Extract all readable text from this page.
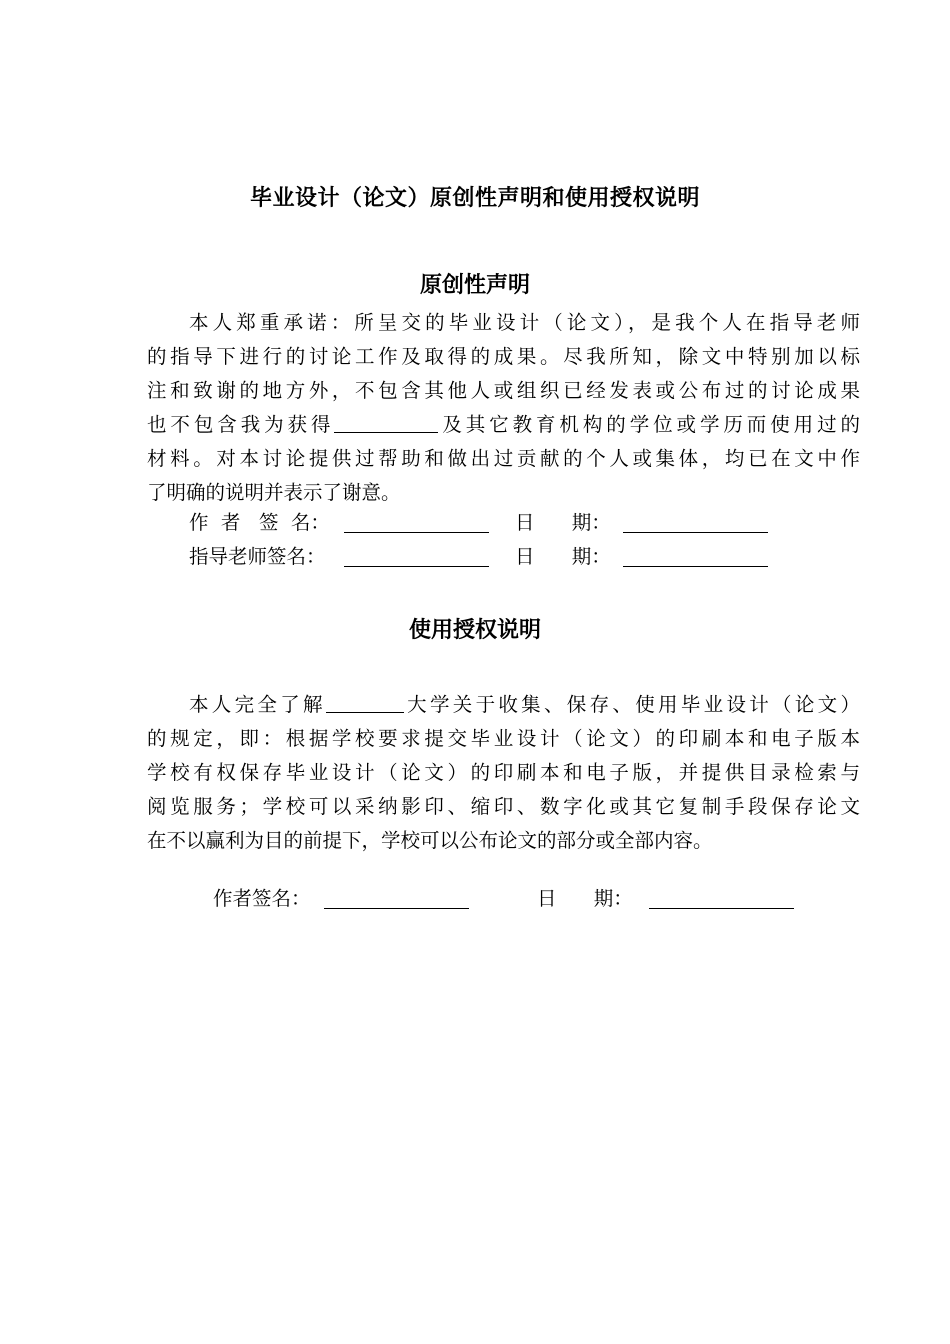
毕业设计（论文）原创性声明和使用授权说明
原创性声明
本人郑重承诺：所呈交的毕业设计（论文），是我个人在指导老师
的指导下进行的讨论工作及取得的成果。尽我所知，除文中特别加以标
注和致谢的地方外，不包含其他人或组织已经发表或公布过的讨论成果
也不包含我为获得	及其它教育机构的学位或学历而使用过的
材料。对本讨论提供过帮助和做出过贡献的个人或集体，均已在文中作
了明确的说明并表示了谢意。
作  者   签  名：	日      期：
指导老师签名：	日      期：
使用授权说明
本人完全了解	大学关于收集、保存、使用毕业设计（论文）
的规定，即：根据学校要求提交毕业设计（论文）的印刷本和电子版本
学校有权保存毕业设计（论文）的印刷本和电子版，并提供目录检索与
阅览服务；学校可以采纳影印、缩印、数字化或其它复制手段保存论文
在不以赢利为目的前提下，学校可以公布论文的部分或全部内容。
作者签名：	日      期：
